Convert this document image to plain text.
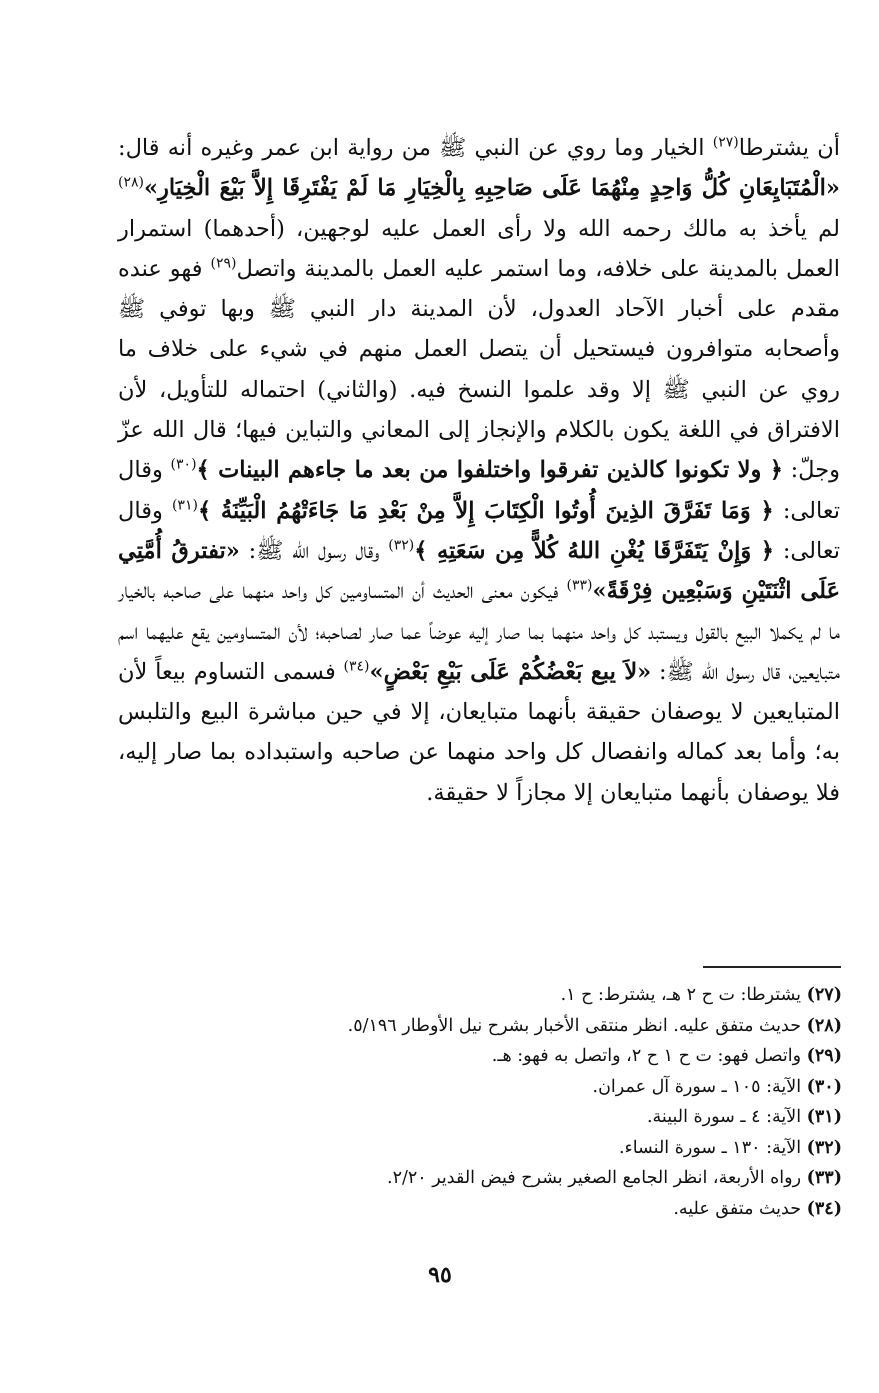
أن يشترطا$^{(٢٧)}$ الخيار وما روي عن النبي ﷺ من رواية ابن عمر وغيره أنه قال: «الْمُتَبَايِعَانِ كُلُّ وَاحِدٍ مِنْهُمَا عَلَى صَاحِبِهِ بِالْخِيَارِ مَا لَمْ يَفْتَرِقَا إِلاَّ بَيْعَ الْخِيَارِ»$^{(٢٨)}$ لم يأخذ به مالك رحمه الله ولا رأى العمل عليه لوجهين، (أحدهما) استمرار العمل بالمدينة على خلافه، وما استمر عليه العمل بالمدينة واتصل$^{(٢٩)}$ فهو عنده مقدم على أخبار الآحاد العدول، لأن المدينة دار النبي ﷺ وبها توفي ﷺ وأصحابه متوافرون فيستحيل أن يتصل العمل منهم في شيء على خلاف ما روي عن النبي ﷺ إلا وقد علموا النسخ فيه. (والثاني) احتماله للتأويل، لأن الافتراق في اللغة يكون بالكلام والإنجاز إلى المعاني والتباين فيها؛ قال الله عزّ وجلّ: ﴿ ولا تكونوا كالذين تفرقوا واختلفوا من بعد ما جاءهم البينات ﴾$^{(٣٠)}$ وقال تعالى: ﴿ وَمَا تَفَرَّقَ الذِينَ أُوتُوا الْكِتَابَ إِلاَّ مِنْ بَعْدِ مَا جَاءَتْهُمُ الْبَيِّنَةُ ﴾$^{(٣١)}$ وقال تعالى: ﴿ وَإِنْ يَتَفَرَّقَا يُغْنِ اللهُ كُلاًّ مِن سَعَتِهِ ﴾$^{(٣٢)}$ وقال رسول الله ﷺ: «تفترقُ أُمَّتِي عَلَى اثْنَتَيْنِ وَسَبْعِين فِرْقَةً»$^{(٣٣)}$ فيكون معنى الحديث أن المتساومين كل واحد منهما على صاحبه بالخيار ما لم يكملا البيع بالقول ويستبد كل واحد منهما بما صار إليه عوضاً عما صار لصاحبه؛ لأن المتساومين يقع عليهما اسم متبايعين، قال رسول الله ﷺ: «لاَ يبع بَعْضُكُمْ عَلَى بَيْعِ بَعْضٍ»$^{(٣٤)}$ فسمى التساوم بيعاً لأن المتبايعين لا يوصفان حقيقة بأنهما متبايعان، إلا في حين مباشرة البيع والتلبس به؛ وأما بعد كماله وانفصال كل واحد منهما عن صاحبه واستبداده بما صار إليه، فلا يوصفان بأنهما متبايعان إلا مجازاً لا حقيقة.
(٢٧) يشترطا: ت ح ٢ هـ، يشترط: ح ١.
(٢٨) حديث متفق عليه. انظر منتقى الأخبار بشرح نيل الأوطار ٥/١٩٦.
(٢٩) واتصل فهو: ت ح ١ ح ٢، واتصل به فهو: هـ.
(٣٠) الآية: ١٠٥ ـ سورة آل عمران.
(٣١) الآية: ٤ ـ سورة البينة.
(٣٢) الآية: ١٣٠ ـ سورة النساء.
(٣٣) رواه الأربعة، انظر الجامع الصغير بشرح فيض القدير ٢/٢٠.
(٣٤) حديث متفق عليه.
٩٥
